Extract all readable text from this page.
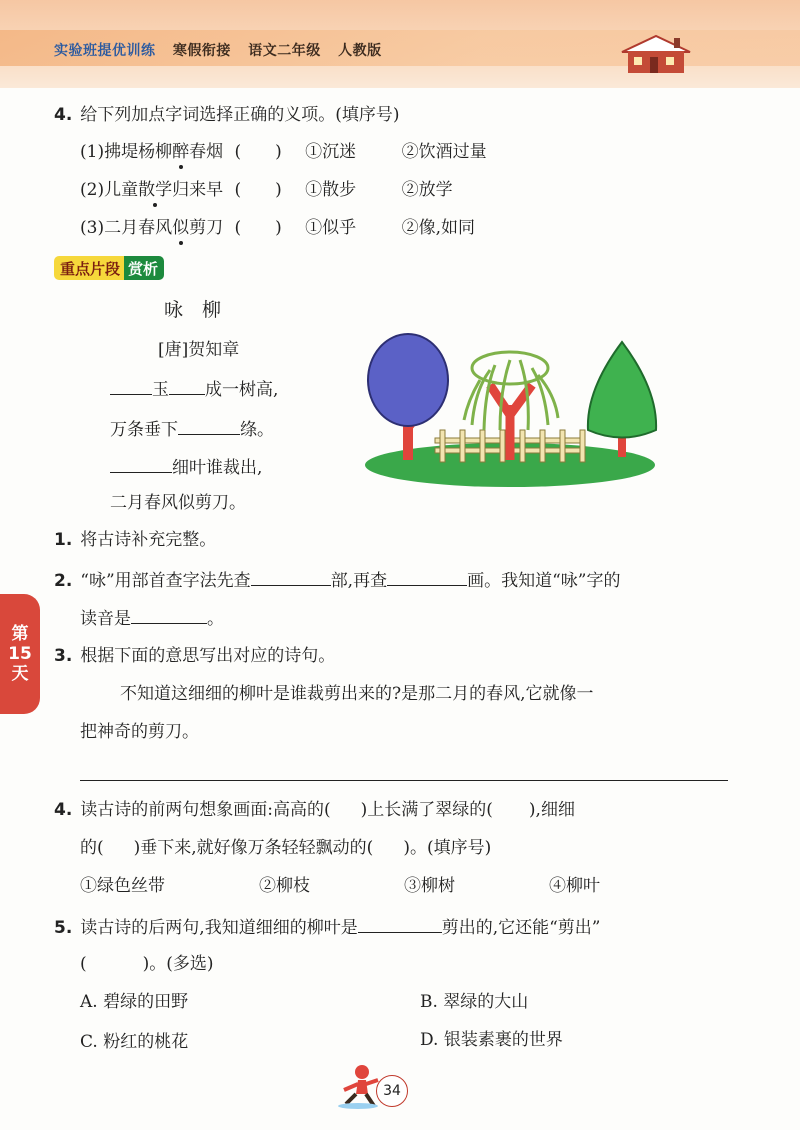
实验班提优训练 寒假衔接 语文二年级 人教版
4. 给下列加点字词选择正确的义项。(填序号)
(1)拂堤杨柳醉春烟 (　　) ①沉迷	②饮酒过量
(2)儿童散学归来早 (　　) ①散步	②放学
(3)二月春风似剪刀 (　　) ①似乎	②像,如同
重点片段 赏析
咏　柳
[唐]贺知章
玉 成一树高,
万条垂下	绦。
细叶谁裁出,
二月春风似剪刀。
1. 将古诗补充完整。
2. “咏”用部首查字法先查	部,再查	画。我知道“咏”字的
读音是	。
第
15
天
3. 根据下面的意思写出对应的诗句。
不知道这细细的柳叶是谁裁剪出来的?是那二月的春风,它就像一
把神奇的剪刀。
4. 读古诗的前两句想象画面:高高的( )上长满了翠绿的( ),细细
的( )垂下来,就好像万条轻轻飘动的( )。(填序号)
①绿色丝带	②柳枝	③柳树	④柳叶
5. 读古诗的后两句,我知道细细的柳叶是	剪出的,它还能“剪出”
(	)。(多选)
A. 碧绿的田野	B. 翠绿的大山
C. 粉红的桃花	D. 银装素裹的世界
34
